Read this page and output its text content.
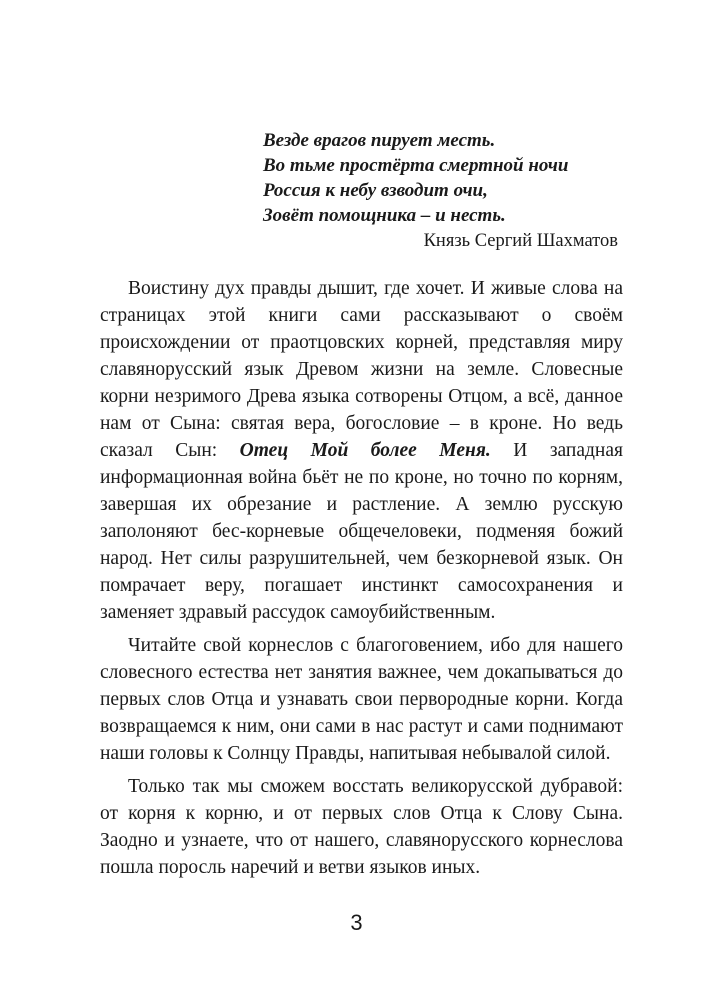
Везде врагов пирует месть.
Во тьме простёрта смертной ночи
Россия к небу взводит очи,
Зовёт помощника – и несть.
Князь Сергий Шахматов

Воистину дух правды дышит, где хочет. И живые слова на страницах этой книги сами рассказывают о своём происхождении от праотцовских корней, представляя миру славянорусский язык Древом жизни на земле. Словесные корни незримого Древа языка сотворены Отцом, а всё, данное нам от Сына: святая вера, богословие – в кроне. Но ведь сказал Сын: Отец Мой более Меня. И западная информационная война бьёт не по кроне, но точно по корням, завершая их обрезание и растление. А землю русскую заполоняют бес-корневые общечеловеки, подменяя божий народ. Нет силы разрушительней, чем безкорневой язык. Он помрачает веру, погашает инстинкт самосохранения и заменяет здравый рассудок самоубийственным.

Читайте свой корнеслов с благоговением, ибо для нашего словесного естества нет занятия важнее, чем докапываться до первых слов Отца и узнавать свои перворoдные корни. Когда возвращаемся к ним, они сами в нас растут и сами поднимают наши головы к Солнцу Правды, напитывая небывалой силой.

Только так мы сможем восстать великорусской дубравой: от корня к корню, и от первых слов Отца к Слову Сына. Заодно и узнаете, что от нашего, славянорусского корнеслова пошла поросль наречий и ветви языков иных.

3
